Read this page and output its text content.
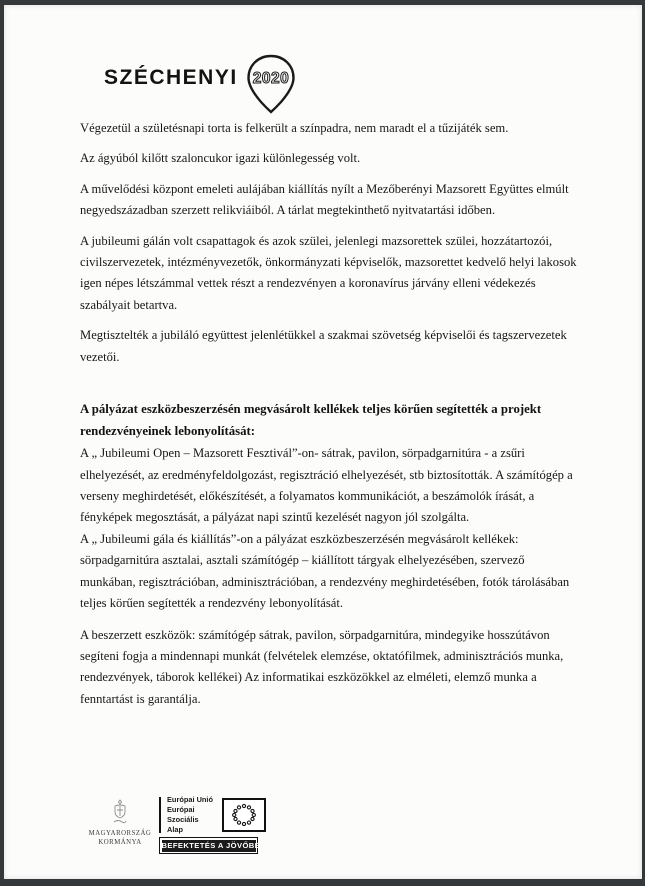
SZÉCHENYI 2020

Végezetül a születésnapi torta is felkerült a színpadra, nem maradt el a tűzijáték sem.

Az ágyúból kilőtt szaloncukor igazi különlegesség volt.

A művelődési központ emeleti aulájában kiállítás nyílt a Mezőberényi Mazsorett Együttes elmúlt negyedszázadban szerzett relikviáiból. A tárlat megtekinthető nyitvatartási időben.

A jubileumi gálán volt csapattagok és azok szülei, jelenlegi mazsorettek szülei, hozzátartozói, civilszervezetek, intézményvezetők, önkormányzati képviselők, mazsorettet kedvelő helyi lakosok igen népes létszámmal vettek részt a rendezvényen a koronavírus járvány elleni védekezés szabályait betartva.

Megtisztelték a jubiláló együttest jelenlétükkel a szakmai szövetség képviselői és tagszervezetek vezetői.

A pályázat eszközbeszerzésén megvásárolt kellékek teljes körűen segítették a projekt rendezvényeinek lebonyolítását:

A „ Jubileumi Open – Mazsorett Fesztivál”-on- sátrak, pavilon, sörpadgarnitúra - a zsűri elhelyezését, az eredményfeldolgozást, regisztráció elhelyezését, stb biztosították. A számítógép a verseny meghirdetését, előkészítését, a folyamatos kommunikációt, a beszámolók írását, a fényképek megosztását, a pályázat napi szintű kezelését nagyon jól szolgálta.

A „ Jubileumi gála és kiállítás”-on a pályázat eszközbeszerzésén megvásárolt kellékek: sörpadgarnitúra asztalai, asztali számítógép – kiállított tárgyak elhelyezésében, szervező munkában, regisztrációban, adminisztrációban, a rendezvény meghirdetésében, fotók tárolásában teljes körűen segítették a rendezvény lebonyolítását.

A beszerzett eszközök: számítógép sátrak, pavilon, sörpadgarnitúra, mindegyike hosszútávon segíteni fogja a mindennapi munkát (felvételek elemzése, oktatófilmek, adminisztrációs munka, rendezvények, táborok kellékei) Az informatikai eszközökkel az elméleti, elemző munka a fenntartást is garantálja.

MAGYARORSZÁG
KORMÁNYA
Európai Unió
Európai Szociális
Alap
BEFEKTETÉS A JÖVŐBE
